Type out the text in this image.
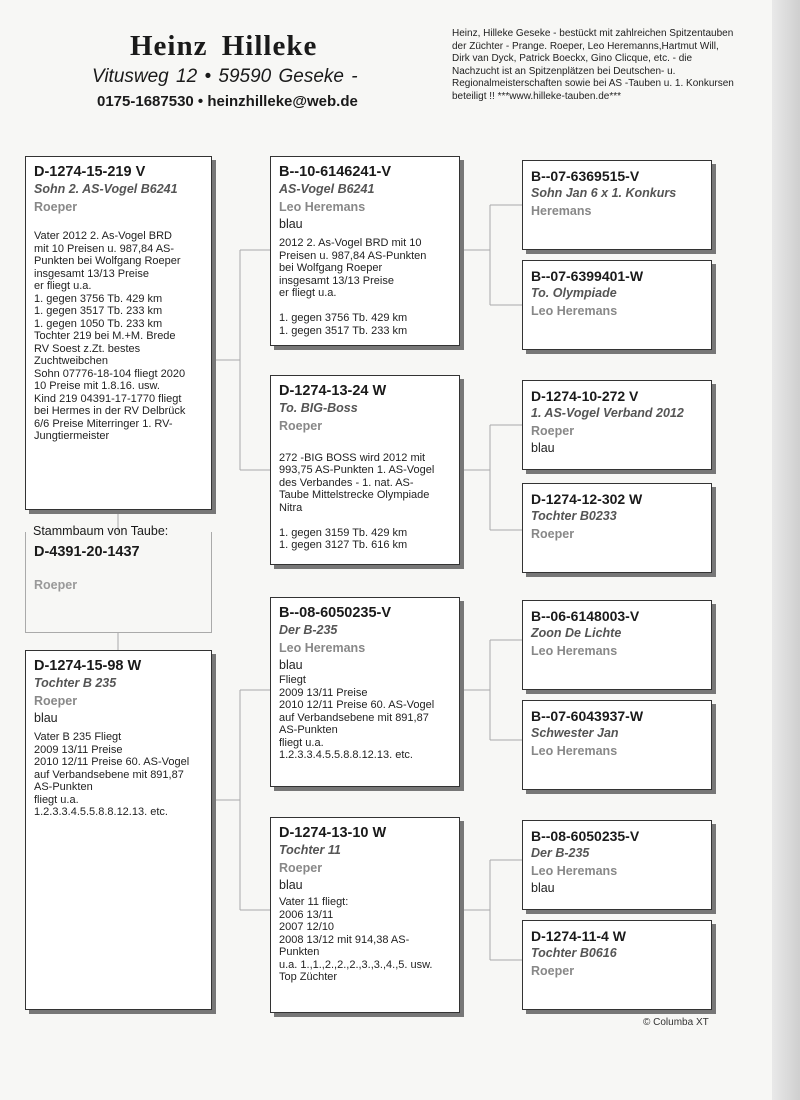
Heinz Hilleke
Vitusweg 12 • 59590 Geseke -
0175-1687530 • heinzhilleke@web.de
Heinz, Hilleke Geseke - bestückt mit zahlreichen Spitzentauben der Züchter - Prange. Roeper, Leo Heremanns,Hartmut Will, Dirk van Dyck, Patrick Boeckx, Gino Clicque, etc. - die Nachzucht ist an Spitzenplätzen bei Deutschen- u. Regionalmeisterschaften sowie bei AS -Tauben u. 1. Konkursen beteiligt !! ***www.hilleke-tauben.de***
D-1274-15-219 V
Sohn 2. AS-Vogel B6241
Roeper
Vater 2012 2. As-Vogel BRD
mit 10 Preisen u. 987,84 AS-
Punkten bei Wolfgang Roeper
insgesamt 13/13 Preise
er fliegt u.a.
1. gegen 3756 Tb. 429 km
1. gegen 3517 Tb. 233 km
1. gegen 1050 Tb. 233 km
Tochter 219 bei M.+M. Brede
RV Soest z.Zt. bestes
Zuchtweibchen
Sohn 07776-18-104 fliegt 2020
10 Preise mit 1.8.16. usw.
Kind 219 04391-17-1770 fliegt
bei Hermes in der RV Delbrück
6/6 Preise Miterringer 1. RV-
Jungtiermeister
Stammbaum von Taube:
D-4391-20-1437
Roeper
D-1274-15-98 W
Tochter B 235
Roeper
blau
Vater B 235 Fliegt
2009 13/11 Preise
2010 12/11 Preise 60. AS-Vogel
auf Verbandsebene mit 891,87
AS-Punkten
fliegt u.a.
1.2.3.3.4.5.5.8.8.12.13. etc.
B--10-6146241-V
AS-Vogel B6241
Leo Heremans
blau
2012 2. As-Vogel BRD mit 10
Preisen u. 987,84 AS-Punkten
bei Wolfgang Roeper
insgesamt 13/13 Preise
er fliegt u.a.

1. gegen 3756 Tb. 429 km
1. gegen 3517 Tb. 233 km
D-1274-13-24 W
To. BIG-Boss
Roeper

272 -BIG BOSS wird 2012 mit
993,75 AS-Punkten 1. AS-Vogel
des Verbandes - 1. nat. AS-
Taube Mittelstrecke Olympiade
Nitra

1. gegen 3159 Tb. 429 km
1. gegen 3127 Tb. 616 km
B--08-6050235-V
Der B-235
Leo Heremans
blau
Fliegt
2009 13/11 Preise
2010 12/11 Preise 60. AS-Vogel
auf Verbandsebene mit 891,87
AS-Punkten
fliegt u.a.
1.2.3.3.4.5.5.8.8.12.13. etc.
D-1274-13-10 W
Tochter 11
Roeper
blau
Vater 11 fliegt:
2006 13/11
2007 12/10
2008 13/12 mit 914,38 AS-
Punkten
u.a. 1.,1.,2.,2.,2.,3.,3.,4.,5. usw.
Top Züchter
B--07-6369515-V
Sohn Jan 6 x 1. Konkurs
Heremans
B--07-6399401-W
To. Olympiade
Leo Heremans
D-1274-10-272 V
1. AS-Vogel Verband 2012
Roeper
blau
D-1274-12-302 W
Tochter B0233
Roeper
B--06-6148003-V
Zoon De Lichte
Leo Heremans
B--07-6043937-W
Schwester Jan
Leo Heremans
B--08-6050235-V
Der B-235
Leo Heremans
blau
D-1274-11-4 W
Tochter B0616
Roeper
© Columba XT
